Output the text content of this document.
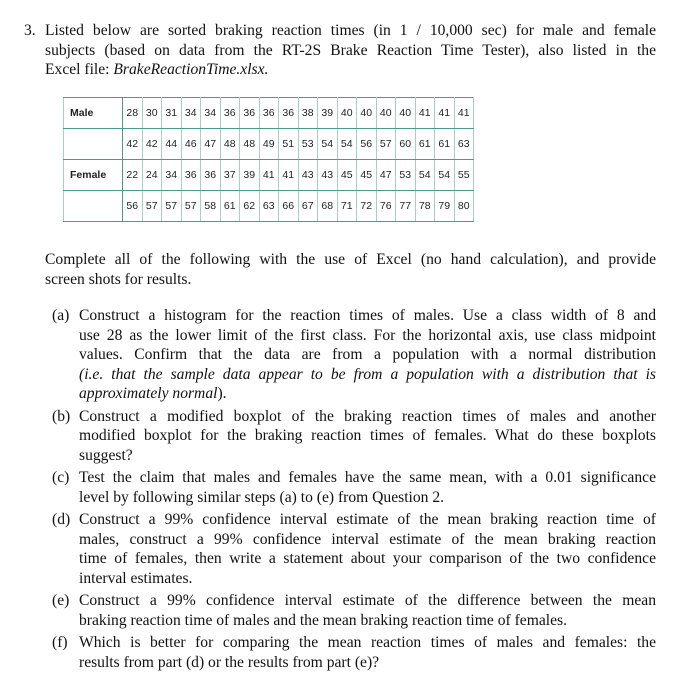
3. Listed below are sorted braking reaction times (in 1 / 10,000 sec) for male and female
subjects (based on data from the RT-2S Brake Reaction Time Tester), also listed in the
Excel file: BrakeReactionTime.xlsx.
Male	28	30	31	34	34	36	36	36	36	38	39	40	40	40	40	41	41	41
	42	42	44	46	47	48	48	49	51	53	54	54	56	57	60	61	61	63
Female	22	24	34	36	36	37	39	41	41	43	43	45	45	47	53	54	54	55
	56	57	57	57	58	61	62	63	66	67	68	71	72	76	77	78	79	80
Complete all of the following with the use of Excel (no hand calculation), and provide
screen shots for results.
(a) Construct a histogram for the reaction times of males. Use a class width of 8 and
use 28 as the lower limit of the first class. For the horizontal axis, use class midpoint
values. Confirm that the data are from a population with a normal distribution
(i.e. that the sample data appear to be from a population with a distribution that is
approximately normal).
(b) Construct a modified boxplot of the braking reaction times of males and another
modified boxplot for the braking reaction times of females. What do these boxplots
suggest?
(c) Test the claim that males and females have the same mean, with a 0.01 significance
level by following similar steps (a) to (e) from Question 2.
(d) Construct a 99% confidence interval estimate of the mean braking reaction time of
males, construct a 99% confidence interval estimate of the mean braking reaction
time of females, then write a statement about your comparison of the two confidence
interval estimates.
(e) Construct a 99% confidence interval estimate of the difference between the mean
braking reaction time of males and the mean braking reaction time of females.
(f) Which is better for comparing the mean reaction times of males and females: the
results from part (d) or the results from part (e)?
